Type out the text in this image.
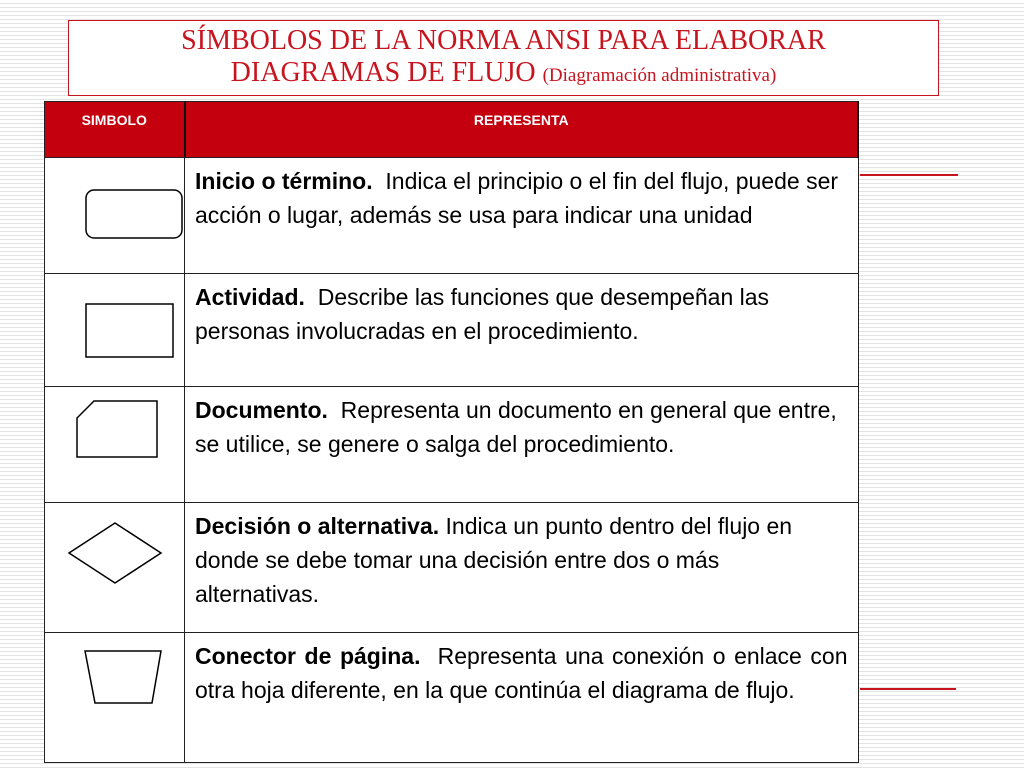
SÍMBOLOS DE LA NORMA ANSI PARA ELABORAR
DIAGRAMAS DE FLUJO (Diagramación administrativa)
SIMBOLO	REPRESENTA

	Inicio o término. Indica el principio o el fin del flujo, puede ser acción o lugar, además se usa para indicar una unidad

	Actividad. Describe las funciones que desempeñan las personas involucradas en el procedimiento.

	Documento. Representa un documento en general que entre, se utilice, se genere o salga del procedimiento.

	Decisión o alternativa. Indica un punto dentro del flujo en donde se debe tomar una decisión entre dos o más alternativas.

	Conector de página. Representa una conexión o enlace con otra hoja diferente, en la que continúa el diagrama de flujo.
